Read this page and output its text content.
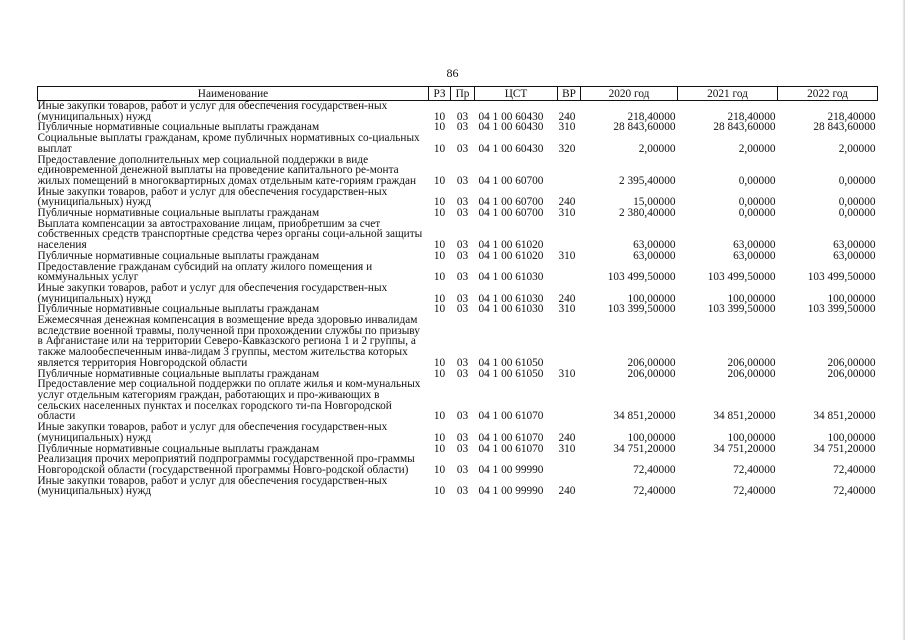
86
Наименование	РЗ	Пр	ЦСТ	ВР	2020 год	2021 год	2022 год
Иные закупки товаров, работ и услуг для обеспечения государствен-ных (муниципальных) нужд	10	03	04 1 00 60430	240	218,40000	218,40000	218,40000
Публичные нормативные социальные выплаты гражданам	10	03	04 1 00 60430	310	28 843,60000	28 843,60000	28 843,60000
Социальные выплаты гражданам, кроме публичных нормативных со-циальных выплат	10	03	04 1 00 60430	320	2,00000	2,00000	2,00000
Предоставление дополнительных мер социальной поддержки в виде единовременной денежной выплаты на проведение капитального ре-монта жилых помещений в многоквартирных домах отдельным кате-гориям граждан	10	03	04 1 00 60700		2 395,40000	0,00000	0,00000
Иные закупки товаров, работ и услуг для обеспечения государствен-ных (муниципальных) нужд	10	03	04 1 00 60700	240	15,00000	0,00000	0,00000
Публичные нормативные социальные выплаты гражданам	10	03	04 1 00 60700	310	2 380,40000	0,00000	0,00000
Выплата компенсации за автострахование лицам, приобретшим за счет собственных средств транспортные средства через органы соци-альной защиты населения	10	03	04 1 00 61020		63,00000	63,00000	63,00000
Публичные нормативные социальные выплаты гражданам	10	03	04 1 00 61020	310	63,00000	63,00000	63,00000
Предоставление гражданам субсидий на оплату жилого помещения и коммунальных услуг	10	03	04 1 00 61030		103 499,50000	103 499,50000	103 499,50000
Иные закупки товаров, работ и услуг для обеспечения государствен-ных (муниципальных) нужд	10	03	04 1 00 61030	240	100,00000	100,00000	100,00000
Публичные нормативные социальные выплаты гражданам	10	03	04 1 00 61030	310	103 399,50000	103 399,50000	103 399,50000
Ежемесячная денежная компенсация в возмещение вреда здоровью инвалидам вследствие военной травмы, полученной при прохождении службы по призыву в Афганистане или на территории Северо-Кавказского региона 1 и 2 группы, а также малообеспеченным инва-лидам 3 группы, местом жительства которых является территория Новгородской области	10	03	04 1 00 61050		206,00000	206,00000	206,00000
Публичные нормативные социальные выплаты гражданам	10	03	04 1 00 61050	310	206,00000	206,00000	206,00000
Предоставление мер социальной поддержки по оплате жилья и ком-мунальных услуг отдельным категориям граждан, работающих и про-живающих в сельских населенных пунктах и поселках городского ти-па Новгородской области	10	03	04 1 00 61070		34 851,20000	34 851,20000	34 851,20000
Иные закупки товаров, работ и услуг для обеспечения государствен-ных (муниципальных) нужд	10	03	04 1 00 61070	240	100,00000	100,00000	100,00000
Публичные нормативные социальные выплаты гражданам	10	03	04 1 00 61070	310	34 751,20000	34 751,20000	34 751,20000
Реализация прочих мероприятий подпрограммы государственной про-граммы Новгородской области (государственной программы Новго-родской области)	10	03	04 1 00 99990		72,40000	72,40000	72,40000
Иные закупки товаров, работ и услуг для обеспечения государствен-ных (муниципальных) нужд	10	03	04 1 00 99990	240	72,40000	72,40000	72,40000
